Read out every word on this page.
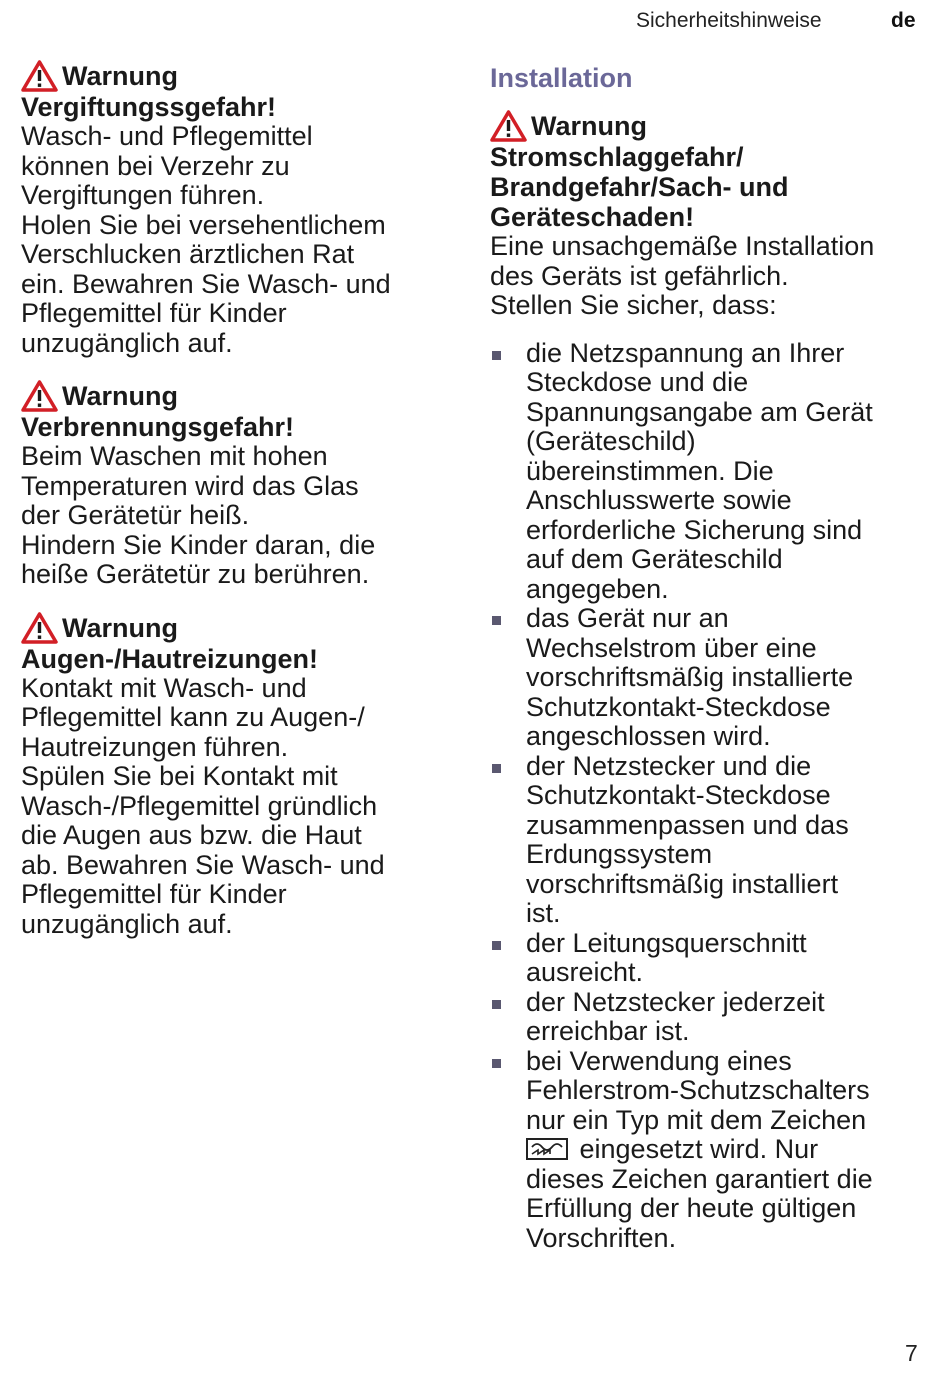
Sicherheitshinweise	de
Warnung
Vergiftungssgefahr!
Wasch- und Pflegemittel
können bei Verzehr zu
Vergiftungen führen.
Holen Sie bei versehentlichem
Verschlucken ärztlichen Rat
ein. Bewahren Sie Wasch- und
Pflegemittel für Kinder
unzugänglich auf.
Warnung
Verbrennungsgefahr!
Beim Waschen mit hohen
Temperaturen wird das Glas
der Gerätetür heiß.
Hindern Sie Kinder daran, die
heiße Gerätetür zu berühren.
Warnung
Augen-/Hautreizungen!
Kontakt mit Wasch- und
Pflegemittel kann zu Augen-/
Hautreizungen führen.
Spülen Sie bei Kontakt mit
Wasch-/Pflegemittel gründlich
die Augen aus bzw. die Haut
ab. Bewahren Sie Wasch- und
Pflegemittel für Kinder
unzugänglich auf.
Installation
Warnung
Stromschlaggefahr/
Brandgefahr/Sach- und
Geräteschaden!
Eine unsachgemäße Installation
des Geräts ist gefährlich.
Stellen Sie sicher, dass:
die Netzspannung an Ihrer
Steckdose und die
Spannungsangabe am Gerät
(Geräteschild)
übereinstimmen. Die
Anschlusswerte sowie
erforderliche Sicherung sind
auf dem Geräteschild
angegeben.
das Gerät nur an
Wechselstrom über eine
vorschriftsmäßig installierte
Schutzkontakt-Steckdose
angeschlossen wird.
der Netzstecker und die
Schutzkontakt-Steckdose
zusammenpassen und das
Erdungssystem
vorschriftsmäßig installiert
ist.
der Leitungsquerschnitt
ausreicht.
der Netzstecker jederzeit
erreichbar ist.
bei Verwendung eines
Fehlerstrom-Schutzschalters
nur ein Typ mit dem Zeichen
eingesetzt wird. Nur
dieses Zeichen garantiert die
Erfüllung der heute gültigen
Vorschriften.
7
